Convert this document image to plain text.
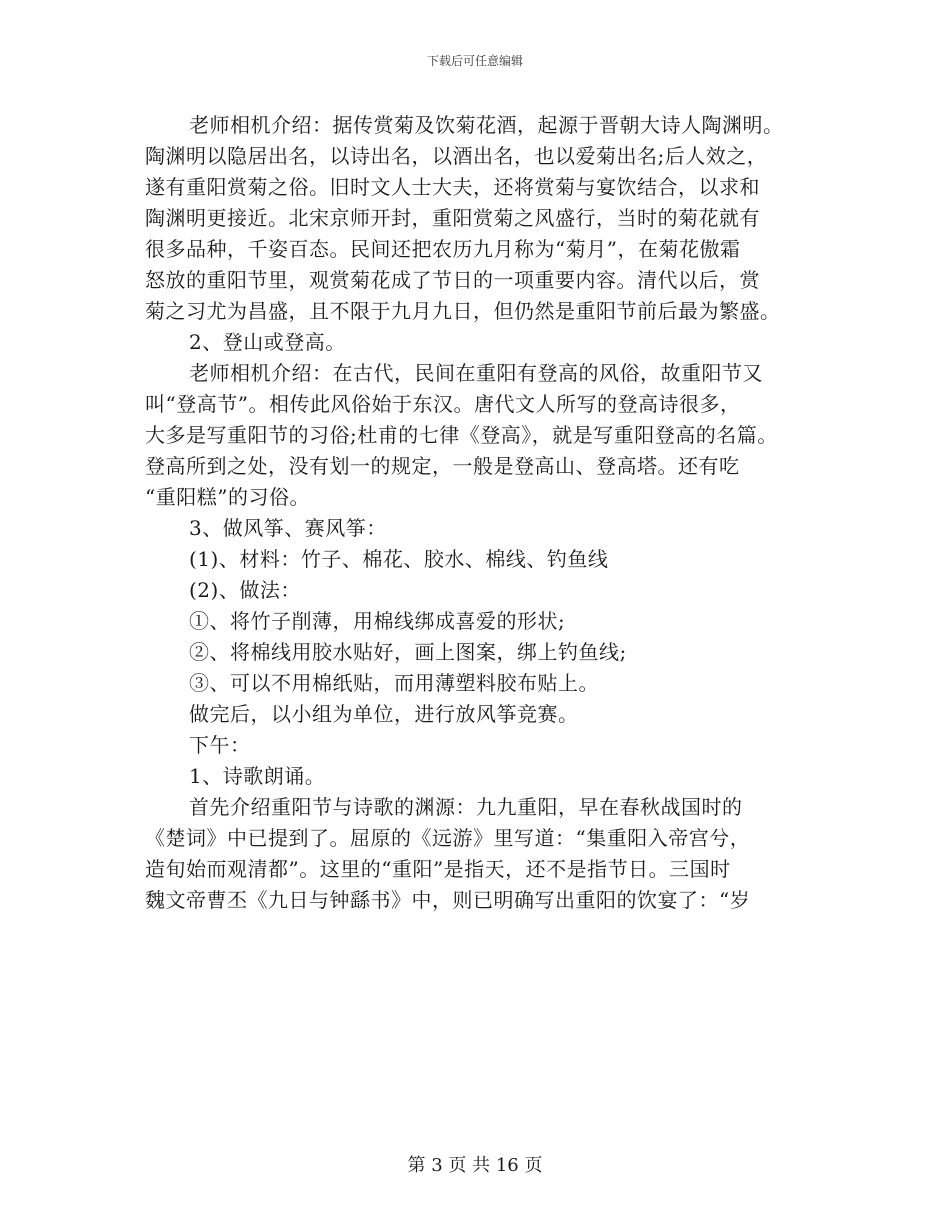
下载后可任意编辑
老师相机介绍：据传赏菊及饮菊花酒，起源于晋朝大诗人陶渊明。
陶渊明以隐居出名，以诗出名，以酒出名，也以爱菊出名;后人效之，
遂有重阳赏菊之俗。旧时文人士大夫，还将赏菊与宴饮结合，以求和
陶渊明更接近。北宋京师开封，重阳赏菊之风盛行，当时的菊花就有
很多品种，千姿百态。民间还把农历九月称为“菊月”，在菊花傲霜
怒放的重阳节里，观赏菊花成了节日的一项重要内容。清代以后，赏
菊之习尤为昌盛，且不限于九月九日，但仍然是重阳节前后最为繁盛。
2、登山或登高。
老师相机介绍：在古代，民间在重阳有登高的风俗，故重阳节又
叫“登高节”。相传此风俗始于东汉。唐代文人所写的登高诗很多，
大多是写重阳节的习俗;杜甫的七律《登高》，就是写重阳登高的名篇。
登高所到之处，没有划一的规定，一般是登高山、登高塔。还有吃
“重阳糕”的习俗。
3、做风筝、赛风筝：
(1)、材料：竹子、棉花、胶水、棉线、钓鱼线
(2)、做法：
①、将竹子削薄，用棉线绑成喜爱的形状;
②、将棉线用胶水贴好，画上图案，绑上钓鱼线;
③、可以不用棉纸贴，而用薄塑料胶布贴上。
做完后，以小组为单位，进行放风筝竞赛。
下午：
1、诗歌朗诵。
首先介绍重阳节与诗歌的渊源：九九重阳，早在春秋战国时的
《楚词》中已提到了。屈原的《远游》里写道：“集重阳入帝宫兮，
造旬始而观清都”。这里的“重阳”是指天，还不是指节日。三国时
魏文帝曹丕《九日与钟繇书》中，则已明确写出重阳的饮宴了：“岁
第 3 页 共 16 页
